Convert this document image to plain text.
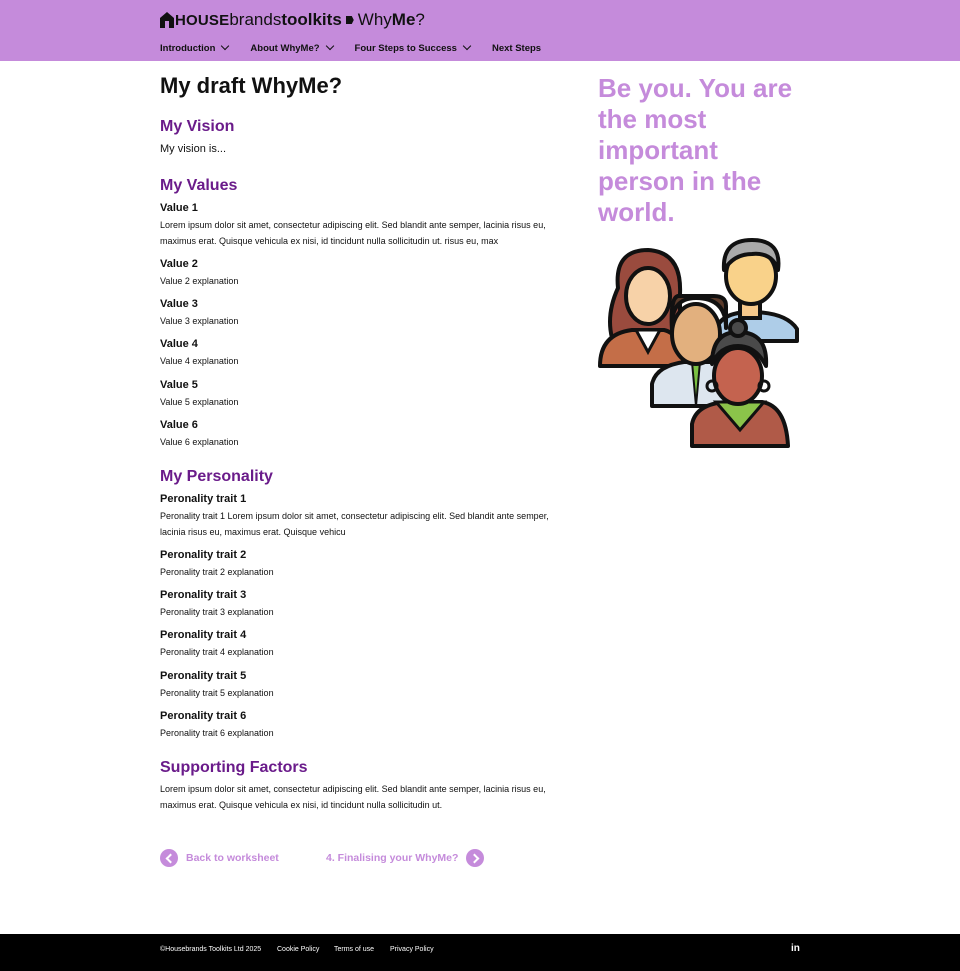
HOUSE brands toolkits Why Me ?
Introduction	About WhyMe?	Four Steps to Success	Next Steps
My draft WhyMe?
My Vision

My vision is...

My Values
Value 1
Lorem ipsum dolor sit amet, consectetur adipiscing elit. Sed blandit ante semper, lacinia risus eu, maximus erat. Quisque vehicula ex nisi, id tincidunt nulla sollicitudin ut. risus eu, max
Value 2
Value 2 explanation
Value 3
Value 3 explanation
Value 4
Value 4 explanation
Value 5
Value 5 explanation
Value 6
Value 6 explanation
My Personality
Peronality trait 1
Peronality trait 1 Lorem ipsum dolor sit amet, consectetur adipiscing elit. Sed blandit ante semper, lacinia risus eu, maximus erat. Quisque vehicu
Peronality trait 2
Peronality trait 2 explanation
Peronality trait 3
Peronality trait 3 explanation
Peronality trait 4
Peronality trait 4 explanation
Peronality trait 5
Peronality trait 5 explanation
Peronality trait 6
Peronality trait 6 explanation
Supporting Factors
Lorem ipsum dolor sit amet, consectetur adipiscing elit. Sed blandit ante semper, lacinia risus eu, maximus erat. Quisque vehicula ex nisi, id tincidunt nulla sollicitudin ut.
Back to worksheet	4. Finalising your WhyMe?
Be you. You are the most important person in the world.
©Housebrands Toolkits Ltd 2025 Cookie Policy Terms of use Privacy Policy	in
